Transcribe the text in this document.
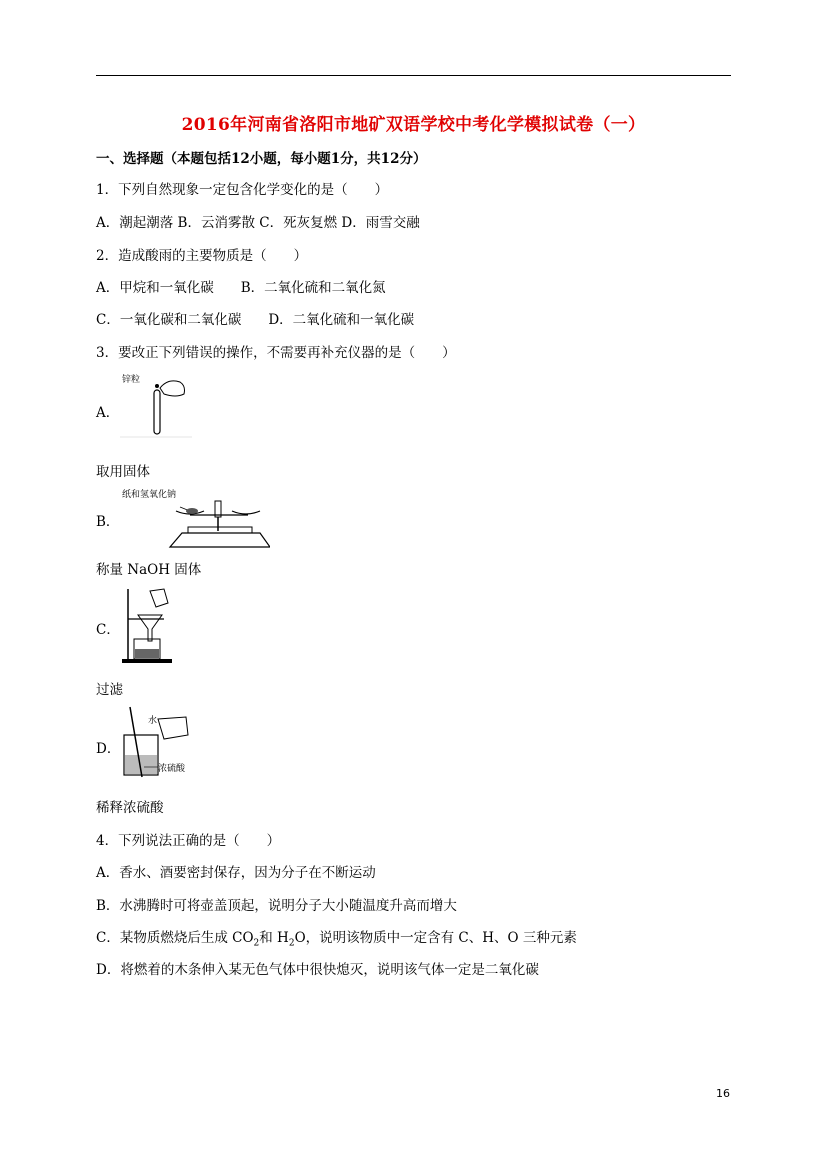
2016年河南省洛阳市地矿双语学校中考化学模拟试卷（一）
一、选择题（本题包括12小题，每小题1分，共12分）
1．下列自然现象一定包含化学变化的是（　　）
A．潮起潮落 B．云消雾散 C．死灰复燃 D．雨雪交融
2．造成酸雨的主要物质是（　　）
A．甲烷和一氧化碳　　B．二氧化硫和二氧化氮
C．一氧化碳和二氧化碳　　D．二氧化硫和一氧化碳
3．要改正下列错误的操作，不需要再补充仪器的是（　　）
A．
锌粒
取用固体
B．
纸和氢氧化钠
称量 NaOH 固体
C．
过滤
D．
水
浓硫酸
稀释浓硫酸
4．下列说法正确的是（　　）
A．香水、酒要密封保存，因为分子在不断运动
B．水沸腾时可将壶盖顶起，说明分子大小随温度升高而增大
C．某物质燃烧后生成 $CO_2$和 $H_2O$，说明该物质中一定含有 C、H、O 三种元素
D．将燃着的木条伸入某无色气体中很快熄灭，说明该气体一定是二氧化碳
16
